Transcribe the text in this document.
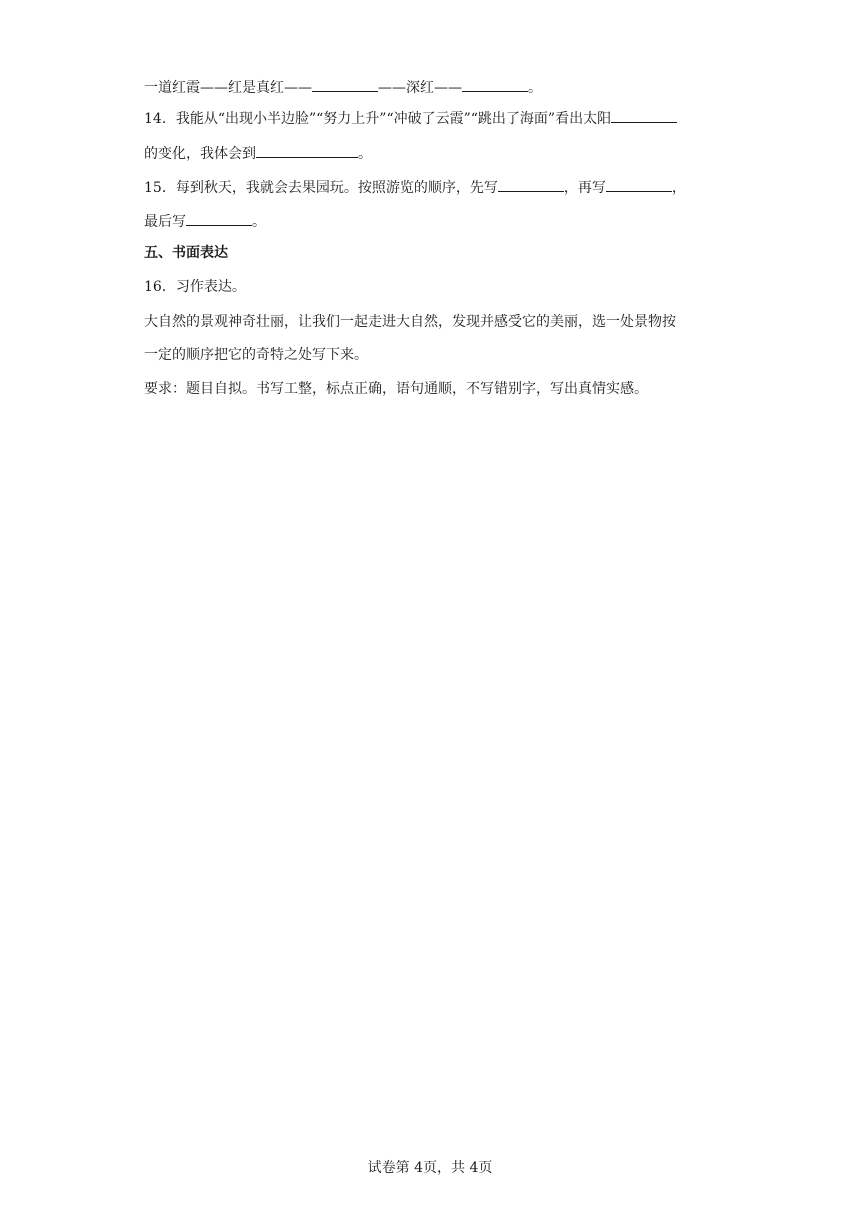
一道红霞——红是真红——	——深红——	。
14．我能从“出现小半边脸”“努力上升”“冲破了云霞”“跳出了海面”看出太阳
的变化，我体会到	。
15．每到秋天，我就会去果园玩。按照游览的顺序，先写	，再写	，
最后写	。
五、书面表达
16．习作表达。
大自然的景观神奇壮丽，让我们一起走进大自然，发现并感受它的美丽，选一处景物按
一定的顺序把它的奇特之处写下来。
要求：题目自拟。书写工整，标点正确，语句通顺，不写错别字，写出真情实感。
试卷第 4页，共 4页
